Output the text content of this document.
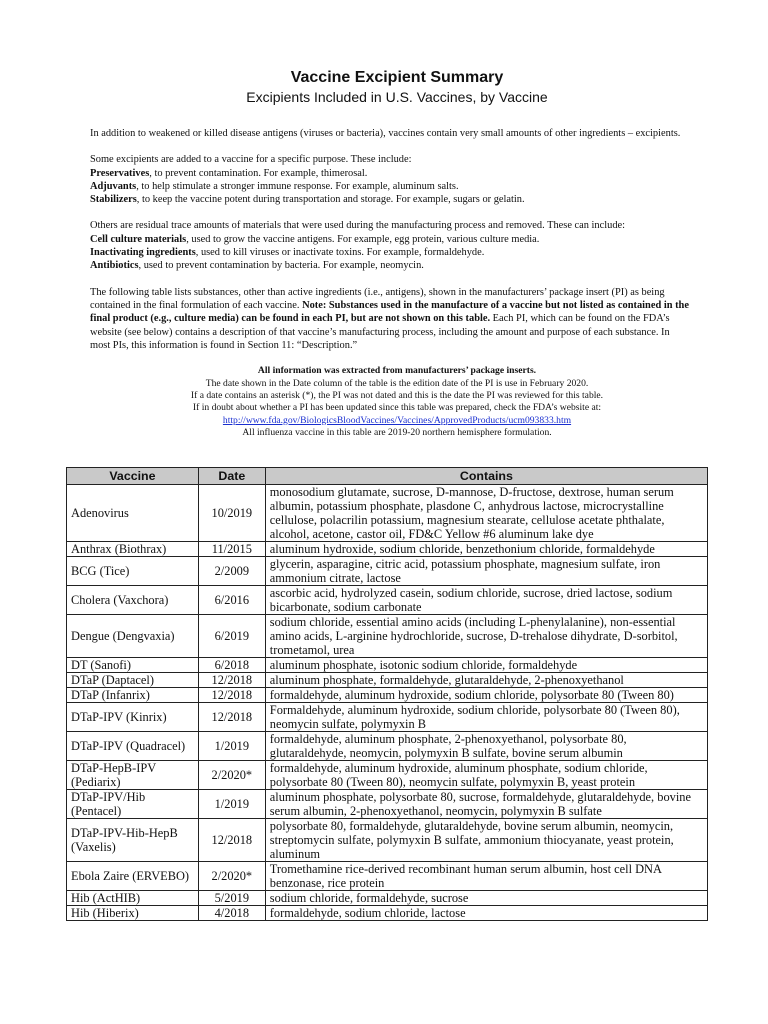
Vaccine Excipient Summary
Excipients Included in U.S. Vaccines, by Vaccine

In addition to weakened or killed disease antigens (viruses or bacteria), vaccines contain very small amounts of other ingredients – excipients.

Some excipients are added to a vaccine for a specific purpose. These include:

Preservatives, to prevent contamination. For example, thimerosal.

Adjuvants, to help stimulate a stronger immune response. For example, aluminum salts.

Stabilizers, to keep the vaccine potent during transportation and storage. For example, sugars or gelatin.

Others are residual trace amounts of materials that were used during the manufacturing process and removed. These can include:

Cell culture materials, used to grow the vaccine antigens. For example, egg protein, various culture media.

Inactivating ingredients, used to kill viruses or inactivate toxins. For example, formaldehyde.

Antibiotics, used to prevent contamination by bacteria. For example, neomycin.

The following table lists substances, other than active ingredients (i.e., antigens), shown in the manufacturers’ package insert (PI) as being contained in the final formulation of each vaccine. Note: Substances used in the manufacture of a vaccine but not listed as contained in the final product (e.g., culture media) can be found in each PI, but are not shown on this table. Each PI, which can be found on the FDA’s website (see below) contains a description of that vaccine’s manufacturing process, including the amount and purpose of each substance. In most PIs, this information is found in Section 11: “Description.”

All information was extracted from manufacturers’ package inserts.
The date shown in the Date column of the table is the edition date of the PI is use in February 2020.
If a date contains an asterisk (*), the PI was not dated and this is the date the PI was reviewed for this table.
If in doubt about whether a PI has been updated since this table was prepared, check the FDA’s website at:
http://www.fda.gov/BiologicsBloodVaccines/Vaccines/ApprovedProducts/ucm093833.htm
All influenza vaccine in this table are 2019-20 northern hemisphere formulation.
Vaccine	Date	Contains
Adenovirus	10/2019	monosodium glutamate, sucrose, D-mannose, D-fructose, dextrose, human serum albumin, potassium phosphate, plasdone C, anhydrous lactose, microcrystalline cellulose, polacrilin potassium, magnesium stearate, cellulose acetate phthalate, alcohol, acetone, castor oil, FD&C Yellow #6 aluminum lake dye
Anthrax (Biothrax)	11/2015	aluminum hydroxide, sodium chloride, benzethonium chloride, formaldehyde
BCG (Tice)	2/2009	glycerin, asparagine, citric acid, potassium phosphate, magnesium sulfate, iron ammonium citrate, lactose
Cholera (Vaxchora)	6/2016	ascorbic acid, hydrolyzed casein, sodium chloride, sucrose, dried lactose, sodium bicarbonate, sodium carbonate
Dengue (Dengvaxia)	6/2019	sodium chloride, essential amino acids (including L-phenylalanine), non-essential amino acids, L-arginine hydrochloride, sucrose, D-trehalose dihydrate, D-sorbitol, trometamol, urea
DT (Sanofi)	6/2018	aluminum phosphate, isotonic sodium chloride, formaldehyde
DTaP (Daptacel)	12/2018	aluminum phosphate, formaldehyde, glutaraldehyde, 2-phenoxyethanol
DTaP (Infanrix)	12/2018	formaldehyde, aluminum hydroxide, sodium chloride, polysorbate 80 (Tween 80)
DTaP-IPV (Kinrix)	12/2018	Formaldehyde, aluminum hydroxide, sodium chloride, polysorbate 80 (Tween 80), neomycin sulfate, polymyxin B
DTaP-IPV (Quadracel)	1/2019	formaldehyde, aluminum phosphate, 2-phenoxyethanol, polysorbate 80, glutaraldehyde, neomycin, polymyxin B sulfate, bovine serum albumin
DTaP-HepB-IPV (Pediarix)	2/2020*	formaldehyde, aluminum hydroxide, aluminum phosphate, sodium chloride, polysorbate 80 (Tween 80), neomycin sulfate, polymyxin B, yeast protein
DTaP-IPV/Hib (Pentacel)	1/2019	aluminum phosphate, polysorbate 80, sucrose, formaldehyde, glutaraldehyde, bovine serum albumin, 2-phenoxyethanol, neomycin, polymyxin B sulfate
DTaP-IPV-Hib-HepB (Vaxelis)	12/2018	polysorbate 80, formaldehyde, glutaraldehyde, bovine serum albumin, neomycin, streptomycin sulfate, polymyxin B sulfate, ammonium thiocyanate, yeast protein, aluminum
Ebola Zaire (ERVEBO)	2/2020*	Tromethamine rice-derived recombinant human serum albumin, host cell DNA benzonase, rice protein
Hib (ActHIB)	5/2019	sodium chloride, formaldehyde, sucrose
Hib (Hiberix)	4/2018	formaldehyde, sodium chloride, lactose
